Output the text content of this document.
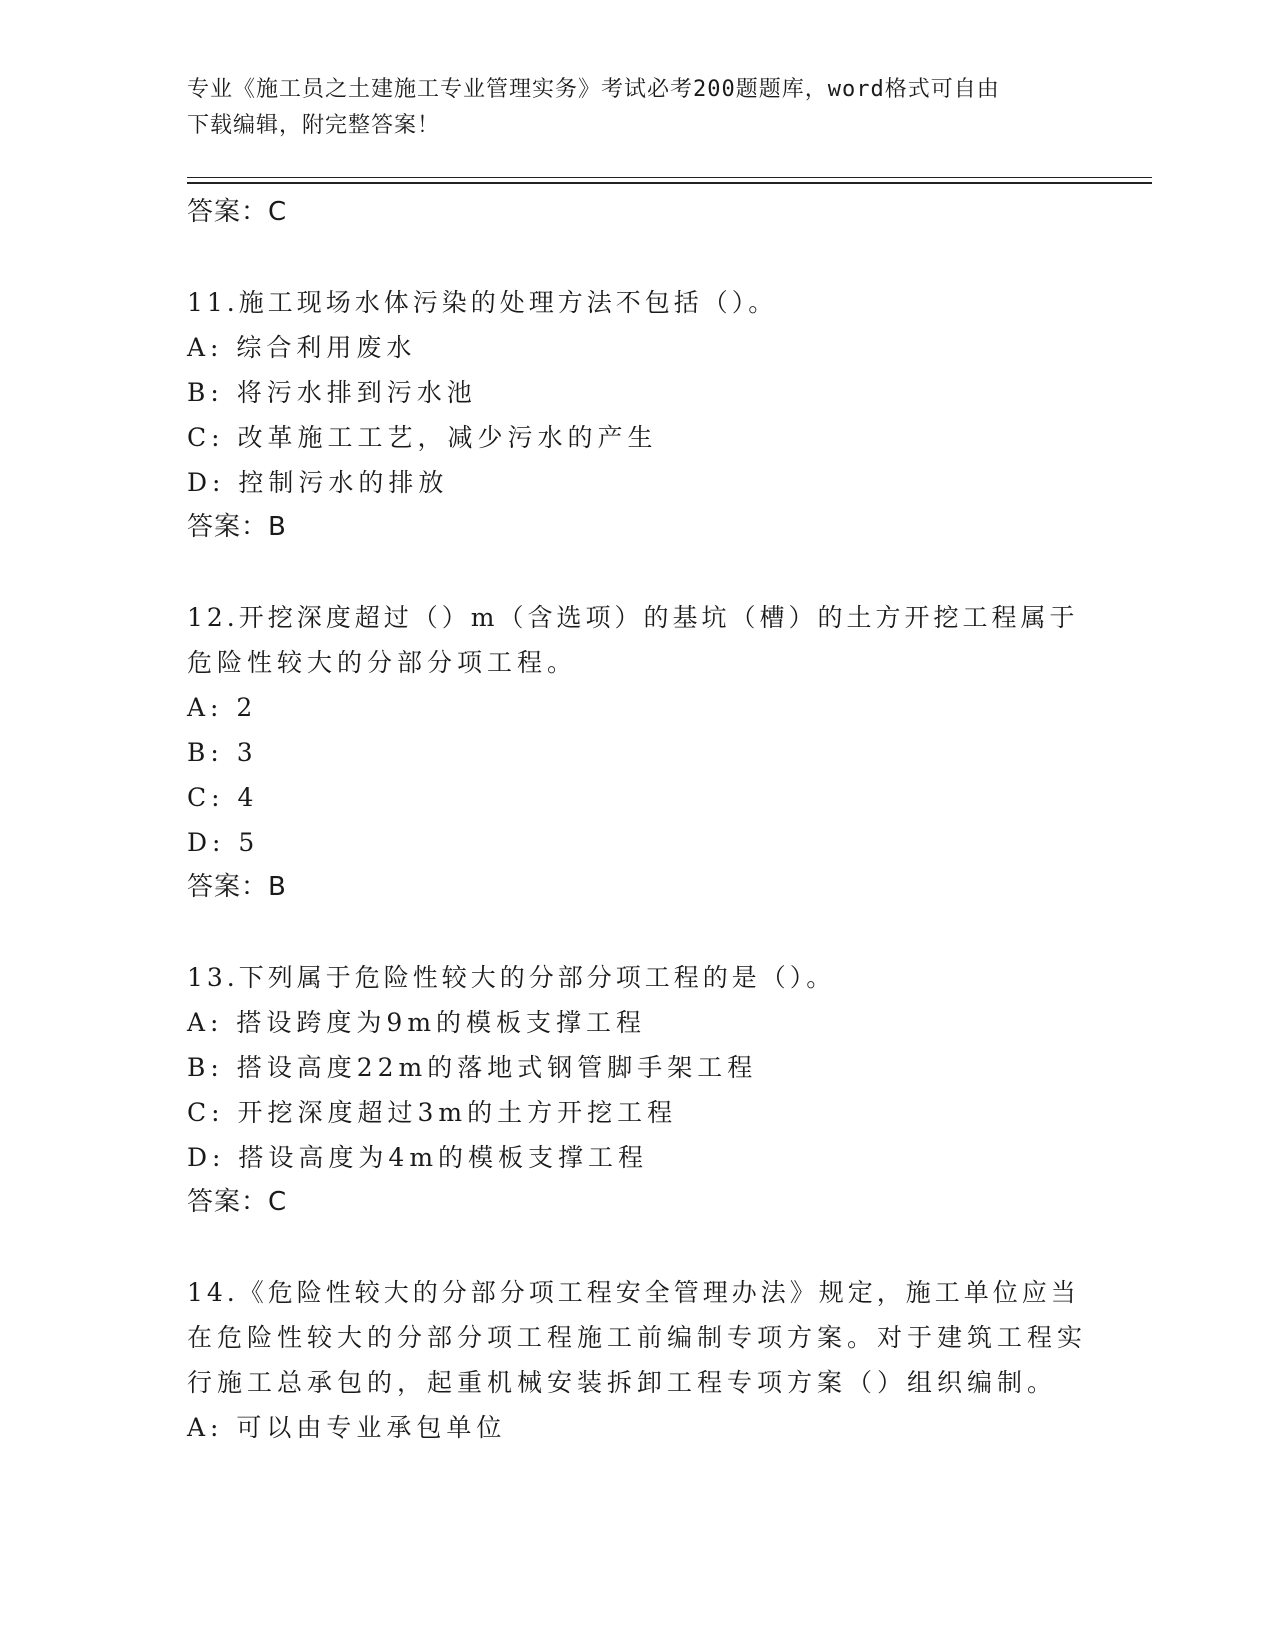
专业《施工员之土建施工专业管理实务》考试必考200题题库，word格式可自由
下载编辑，附完整答案！
答案：C
11.施工现场水体污染的处理方法不包括（）。
A: 综合利用废水
B: 将污水排到污水池
C: 改革施工工艺，减少污水的产生
D: 控制污水的排放
答案：B
12.开挖深度超过（）m（含选项）的基坑（槽）的土方开挖工程属于
危险性较大的分部分项工程。
A: 2
B: 3
C: 4
D: 5
答案：B
13.下列属于危险性较大的分部分项工程的是（）。
A: 搭设跨度为9m的模板支撑工程
B: 搭设高度22m的落地式钢管脚手架工程
C: 开挖深度超过3m的土方开挖工程
D: 搭设高度为4m的模板支撑工程
答案：C
14.《危险性较大的分部分项工程安全管理办法》规定，施工单位应当
在危险性较大的分部分项工程施工前编制专项方案。对于建筑工程实
行施工总承包的，起重机械安装拆卸工程专项方案（）组织编制。
A: 可以由专业承包单位
